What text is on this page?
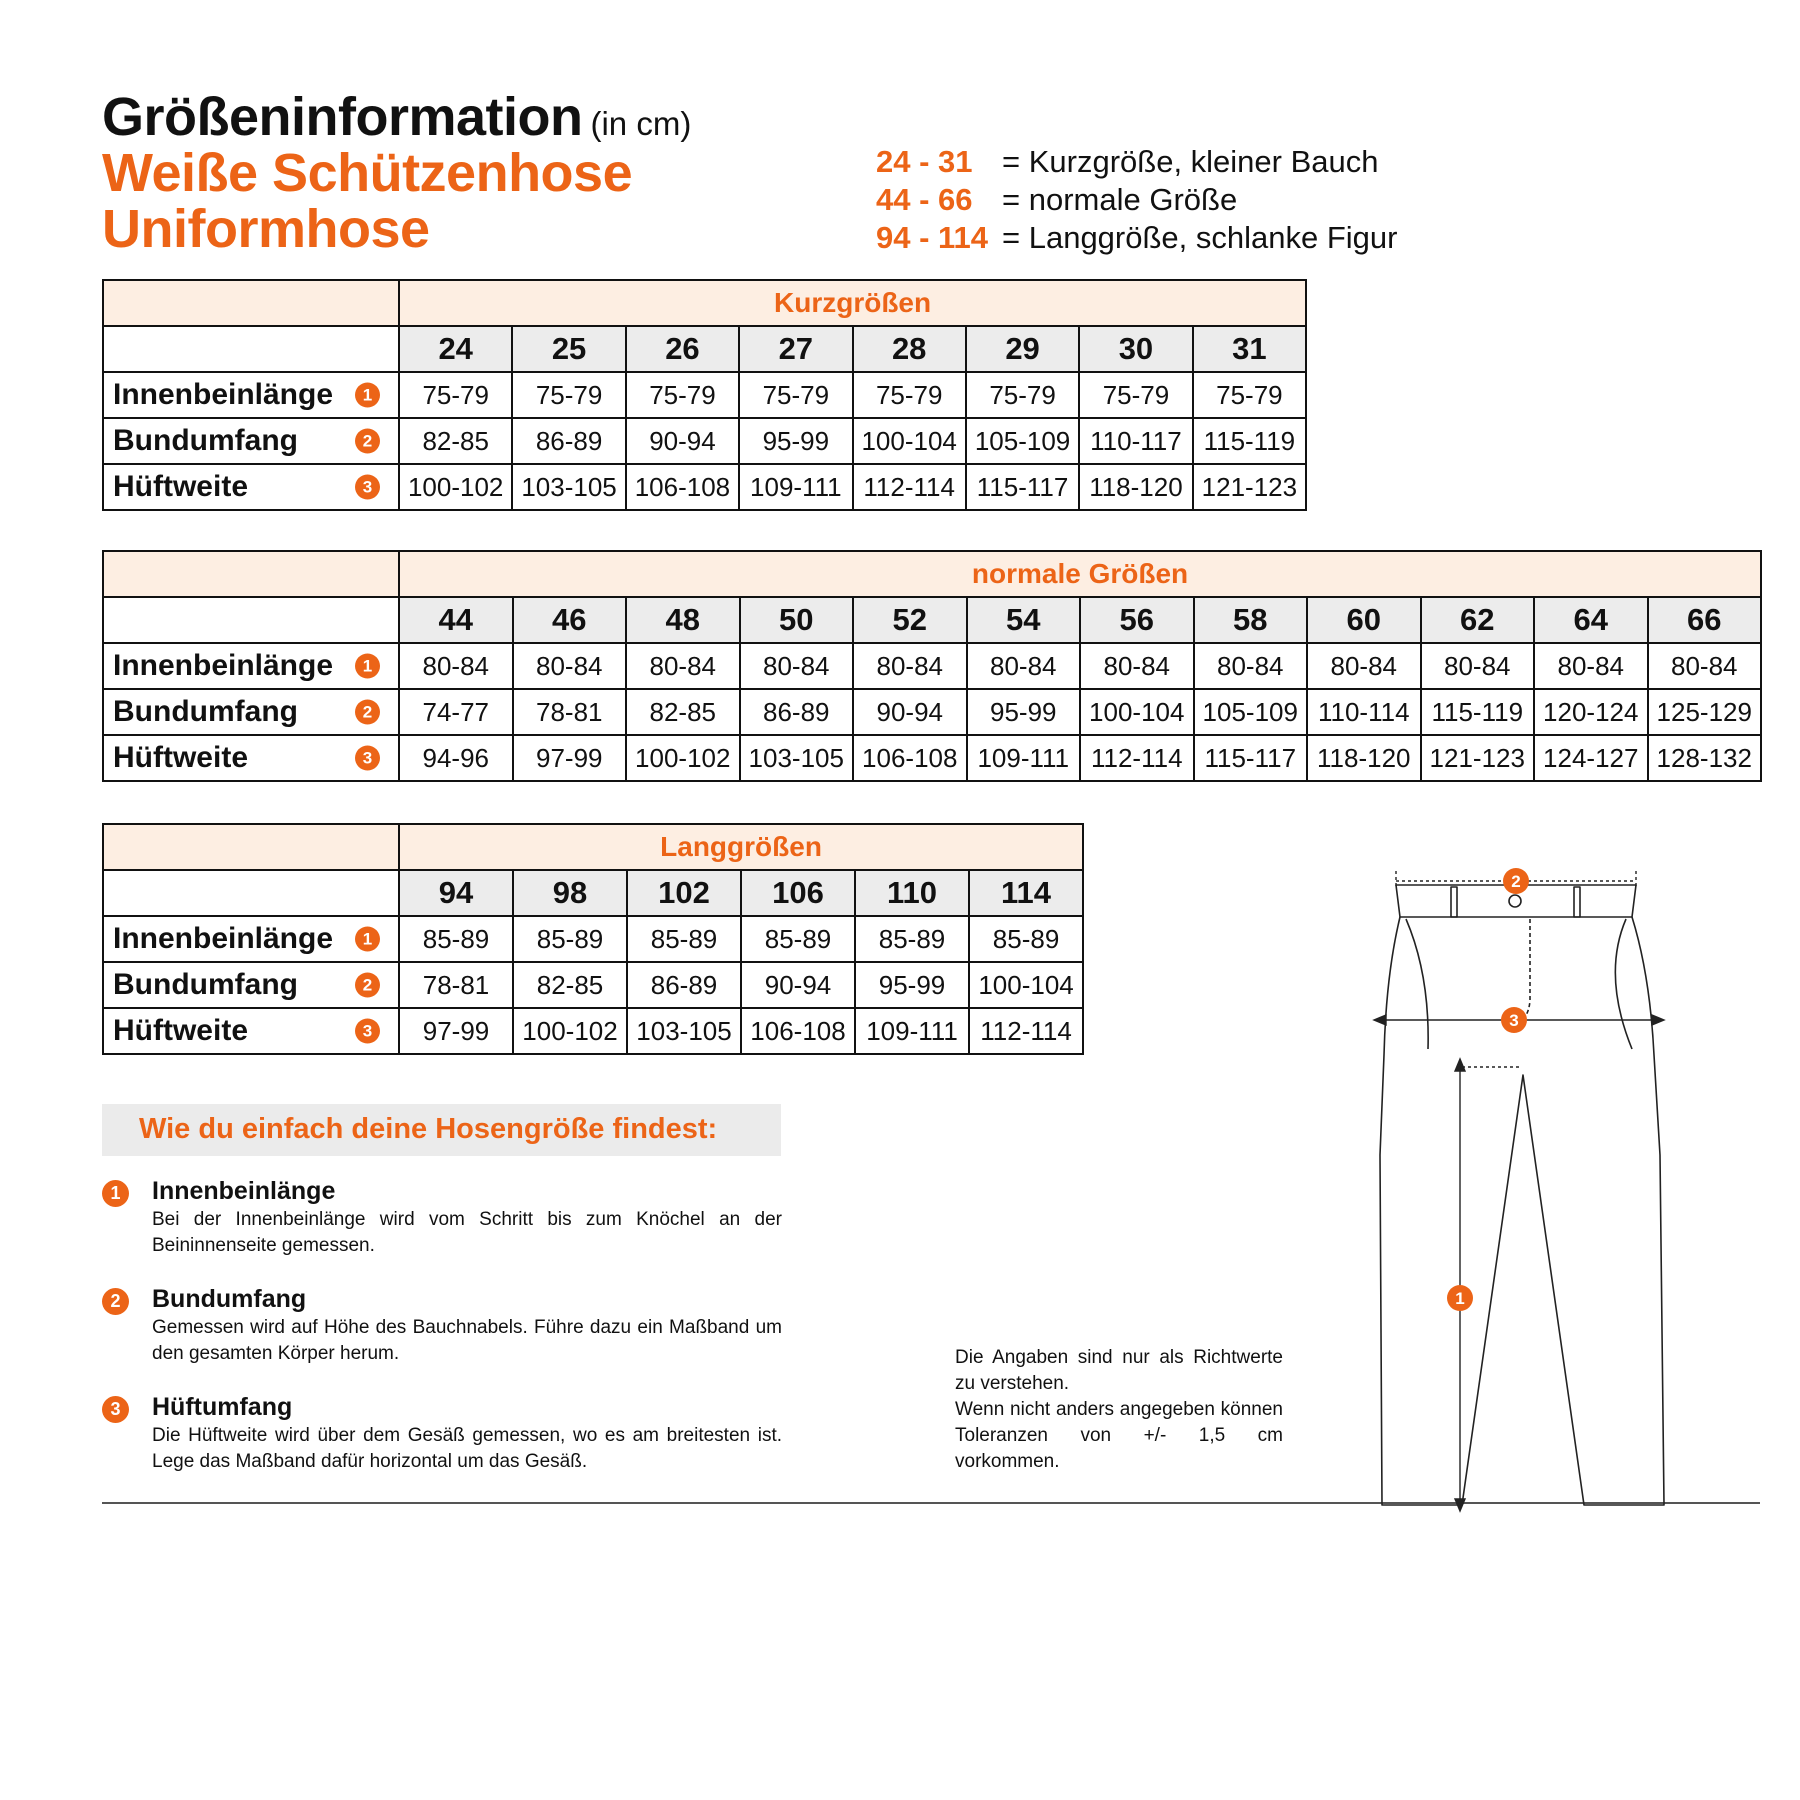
Größeninformation (in cm)
Weiße Schützenhose
Uniformhose
24 - 31 = Kurzgröße, kleiner Bauch
44 - 66 = normale Größe
94 - 114 = Langgröße, schlanke Figur
	Kurzgrößen							
	24	25	26	27	28	29	30	31
Innenbeinlänge 1	75-79	75-79	75-79	75-79	75-79	75-79	75-79	75-79
Bundumfang 2	82-85	86-89	90-94	95-99	100-104	105-109	110-117	115-119
Hüftweite 3	100-102	103-105	106-108	109-111	112-114	115-117	118-120	121-123
	normale Größen											
	44	46	48	50	52	54	56	58	60	62	64	66
Innenbeinlänge 1	80-84	80-84	80-84	80-84	80-84	80-84	80-84	80-84	80-84	80-84	80-84	80-84
Bundumfang 2	74-77	78-81	82-85	86-89	90-94	95-99	100-104	105-109	110-114	115-119	120-124	125-129
Hüftweite 3	94-96	97-99	100-102	103-105	106-108	109-111	112-114	115-117	118-120	121-123	124-127	128-132
	Langgrößen					
	94	98	102	106	110	114
Innenbeinlänge 1	85-89	85-89	85-89	85-89	85-89	85-89
Bundumfang 2	78-81	82-85	86-89	90-94	95-99	100-104
Hüftweite 3	97-99	100-102	103-105	106-108	109-111	112-114
Wie du einfach deine Hosengröße findest:
1	Innenbeinlänge
Bei der Innenbeinlänge wird vom Schritt bis zum Knöchel an der Beininnenseite gemessen.
2	Bundumfang
Gemessen wird auf Höhe des Bauchnabels. Führe dazu ein Maßband um den gesamten Körper herum.
3	Hüftumfang
Die Hüftweite wird über dem Gesäß gemessen, wo es am breitesten ist. Lege das Maßband dafür horizontal um das Gesäß.
Die Angaben sind nur als Richtwerte zu verstehen.
Wenn nicht anders angegeben können Toleranzen von +/- 1,5 cm vorkommen.
2
3
1
